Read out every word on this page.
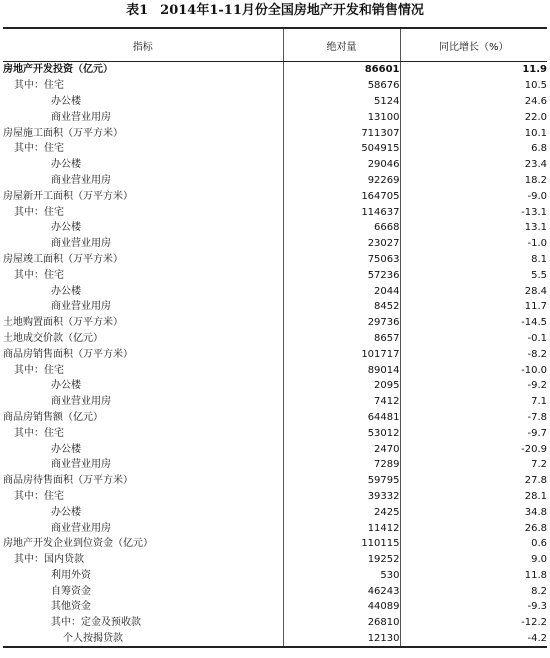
表1 2014年1-11月份全国房地产开发和销售情况
指标	绝对量	同比增长（%）
房地产开发投资（亿元）	86601	11.9
其中：住宅	58676	10.5
办公楼	5124	24.6
商业营业用房	13100	22.0
房屋施工面积（万平方米）	711307	10.1
其中：住宅	504915	6.8
办公楼	29046	23.4
商业营业用房	92269	18.2
房屋新开工面积（万平方米）	164705	-9.0
其中：住宅	114637	-13.1
办公楼	6668	13.1
商业营业用房	23027	-1.0
房屋竣工面积（万平方米）	75063	8.1
其中：住宅	57236	5.5
办公楼	2044	28.4
商业营业用房	8452	11.7
土地购置面积（万平方米）	29736	-14.5
土地成交价款（亿元）	8657	-0.1
商品房销售面积（万平方米）	101717	-8.2
其中：住宅	89014	-10.0
办公楼	2095	-9.2
商业营业用房	7412	7.1
商品房销售额（亿元）	64481	-7.8
其中：住宅	53012	-9.7
办公楼	2470	-20.9
商业营业用房	7289	7.2
商品房待售面积（万平方米）	59795	27.8
其中：住宅	39332	28.1
办公楼	2425	34.8
商业营业用房	11412	26.8
房地产开发企业到位资金（亿元）	110115	0.6
其中：国内贷款	19252	9.0
利用外资	530	11.8
自筹资金	46243	8.2
其他资金	44089	-9.3
其中：定金及预收款	26810	-12.2
个人按揭贷款	12130	-4.2
